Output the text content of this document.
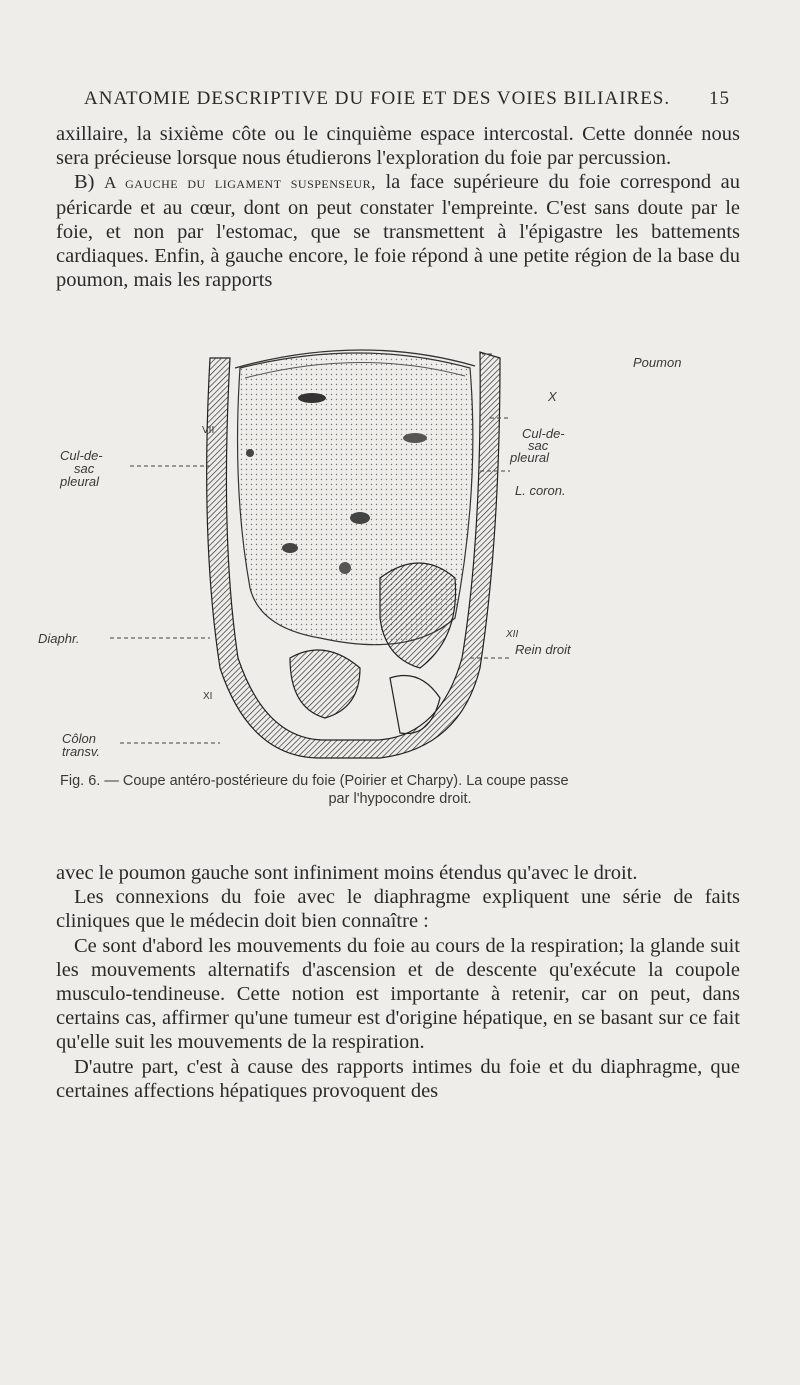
ANATOMIE DESCRIPTIVE DU FOIE ET DES VOIES BILIAIRES. 15

axillaire, la sixième côte ou le cinquième espace intercostal. Cette donnée nous sera précieuse lorsque nous étudierons l'exploration du foie par percussion.

B) A gauche du ligament suspenseur, la face supérieure du foie correspond au péricarde et au cœur, dont on peut constater l'empreinte. C'est sans doute par le foie, et non par l'estomac, que se transmettent à l'épigastre les battements cardiaques. Enfin, à gauche encore, le foie répond à une petite région de la base du poumon, mais les rapports

Poumon
X
Cul-de-
sac
pleural
L. coron.
Rein droit
XII
Cul-de-
sac
pleural
VII
Diaphr.
XI
Côlon
transv.
Fig. 6. — Coupe antéro-postérieure du foie (Poirier et Charpy). La coupe passe
par l'hypocondre droit.

avec le poumon gauche sont infiniment moins étendus qu'avec le droit.

Les connexions du foie avec le diaphragme expliquent une série de faits cliniques que le médecin doit bien connaître :

Ce sont d'abord les mouvements du foie au cours de la respiration; la glande suit les mouvements alternatifs d'ascension et de descente qu'exécute la coupole musculo-tendineuse. Cette notion est importante à retenir, car on peut, dans certains cas, affirmer qu'une tumeur est d'origine hépatique, en se basant sur ce fait qu'elle suit les mouvements de la respiration.

D'autre part, c'est à cause des rapports intimes du foie et du diaphragme, que certaines affections hépatiques provoquent des
